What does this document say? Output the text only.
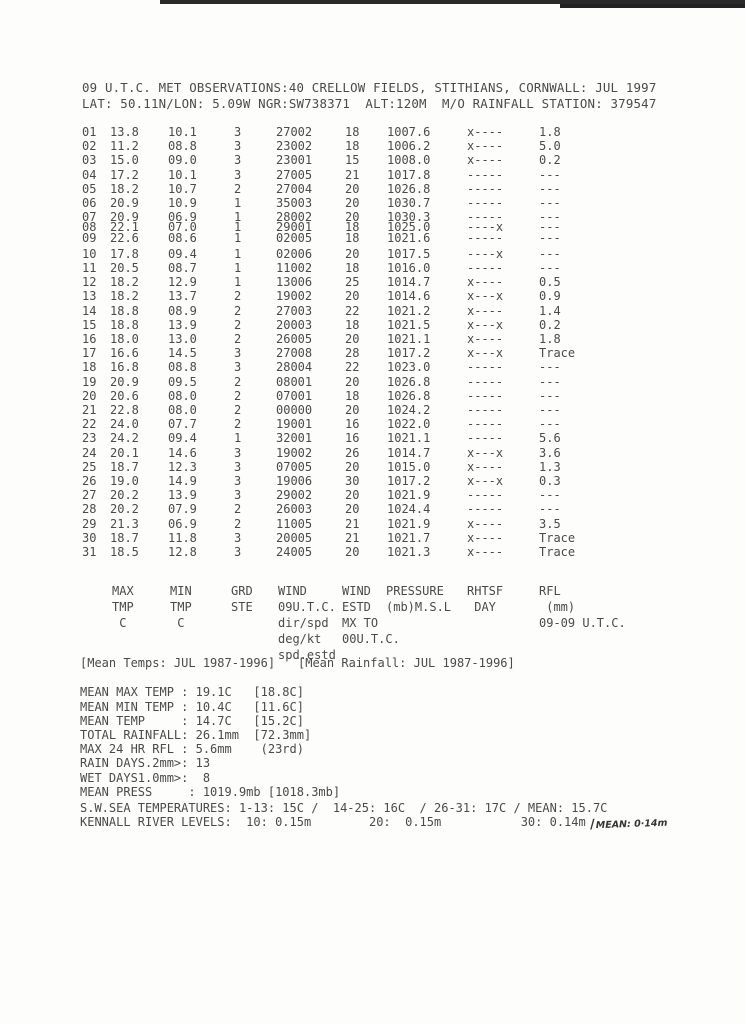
09 U.T.C. MET OBSERVATIONS:40 CRELLOW FIELDS, STITHIANS, CORNWALL: JUL 1997
LAT: 50.11N/LON: 5.09W NGR:SW738371  ALT:120M  M/O RAINFALL STATION: 379547
01 13.8 10.1	3	27002	18 1007.6	x----	1.8
02 11.2 08.8	3	23002	18 1006.2	x----	5.0
03 15.0 09.0	3	23001	15 1008.0	x----	0.2
04 17.2 10.1	3	27005	21 1017.8	-----	---
05 18.2 10.7	2	27004	20 1026.8	-----	---
06 20.9 10.9	1	35003	20 1030.7	-----	---
07 20.9 06.9	1	28002	20 1030.3	-----	---
08 22.1 07.0	1	29001	18 1025.0	----x	---
09 22.6 08.6	1	02005	18 1021.6	-----	---
10 17.8 09.4	1	02006	20 1017.5	----x	---
11 20.5 08.7	1	11002	18 1016.0	-----	---
12 18.2 12.9	1	13006	25 1014.7	x----	0.5
13 18.2 13.7	2	19002	20 1014.6	x---x	0.9
14 18.8 08.9	2	27003	22 1021.2	x----	1.4
15 18.8 13.9	2	20003	18 1021.5	x---x	0.2
16 18.0 13.0	2	26005	20 1021.1	x----	1.8
17 16.6 14.5	3	27008	28 1017.2	x---x	Trace
18 16.8 08.8	3	28004	22 1023.0	-----	---
19 20.9 09.5	2	08001	20 1026.8	-----	---
20 20.6 08.0	2	07001	18 1026.8	-----	---
21 22.8 08.0	2	00000	20 1024.2	-----	---
22 24.0 07.7	2	19001	16 1022.0	-----	---
23 24.2 09.4	1	32001	16 1021.1	-----	5.6
24 20.1 14.6	3	19002	26 1014.7	x---x	3.6
25 18.7 12.3	3	07005	20 1015.0	x----	1.3
26 19.0 14.9	3	19006	30 1017.2	x---x	0.3
27 20.2 13.9	3	29002	20 1021.9	-----	---
28 20.2 07.9	2	26003	20 1024.4	-----	---
29 21.3 06.9	2	11005	21 1021.9	x----	3.5
30 18.7 11.8	3	20005	21 1021.7	x----	Trace
31 18.5 12.8	3	24005	20 1021.3	x----	Trace
MAX
TMP
C
MIN
TMP
C
GRD
STE
WIND
09U.T.C.
dir/spd
deg/kt
spd.estd
WIND
ESTD
MX TO
00U.T.C.
PRESSURE
(mb)M.S.L
RHTSF
DAY
RFL
(mm)
09-09 U.T.C.
[Mean Temps: JUL 1987-1996] [Mean Rainfall: JUL 1987-1996]
MEAN MAX TEMP : 19.1C   [18.8C]
MEAN MIN TEMP : 10.4C   [11.6C]
MEAN TEMP     : 14.7C   [15.2C]
TOTAL RAINFALL: 26.1mm  [72.3mm]
MAX 24 HR RFL : 5.6mm    (23rd)
RAIN DAYS.2mm>: 13
WET DAYS1.0mm>:  8
MEAN PRESS     : 1019.9mb [1018.3mb]
S.W.SEA TEMPERATURES: 1-13: 15C /  14-25: 16C  / 26-31: 17C / MEAN: 15.7C
KENNALL RIVER LEVELS:  10: 0.15m        20:  0.15m           30: 0.14m
/	MEAN: 0·14m
